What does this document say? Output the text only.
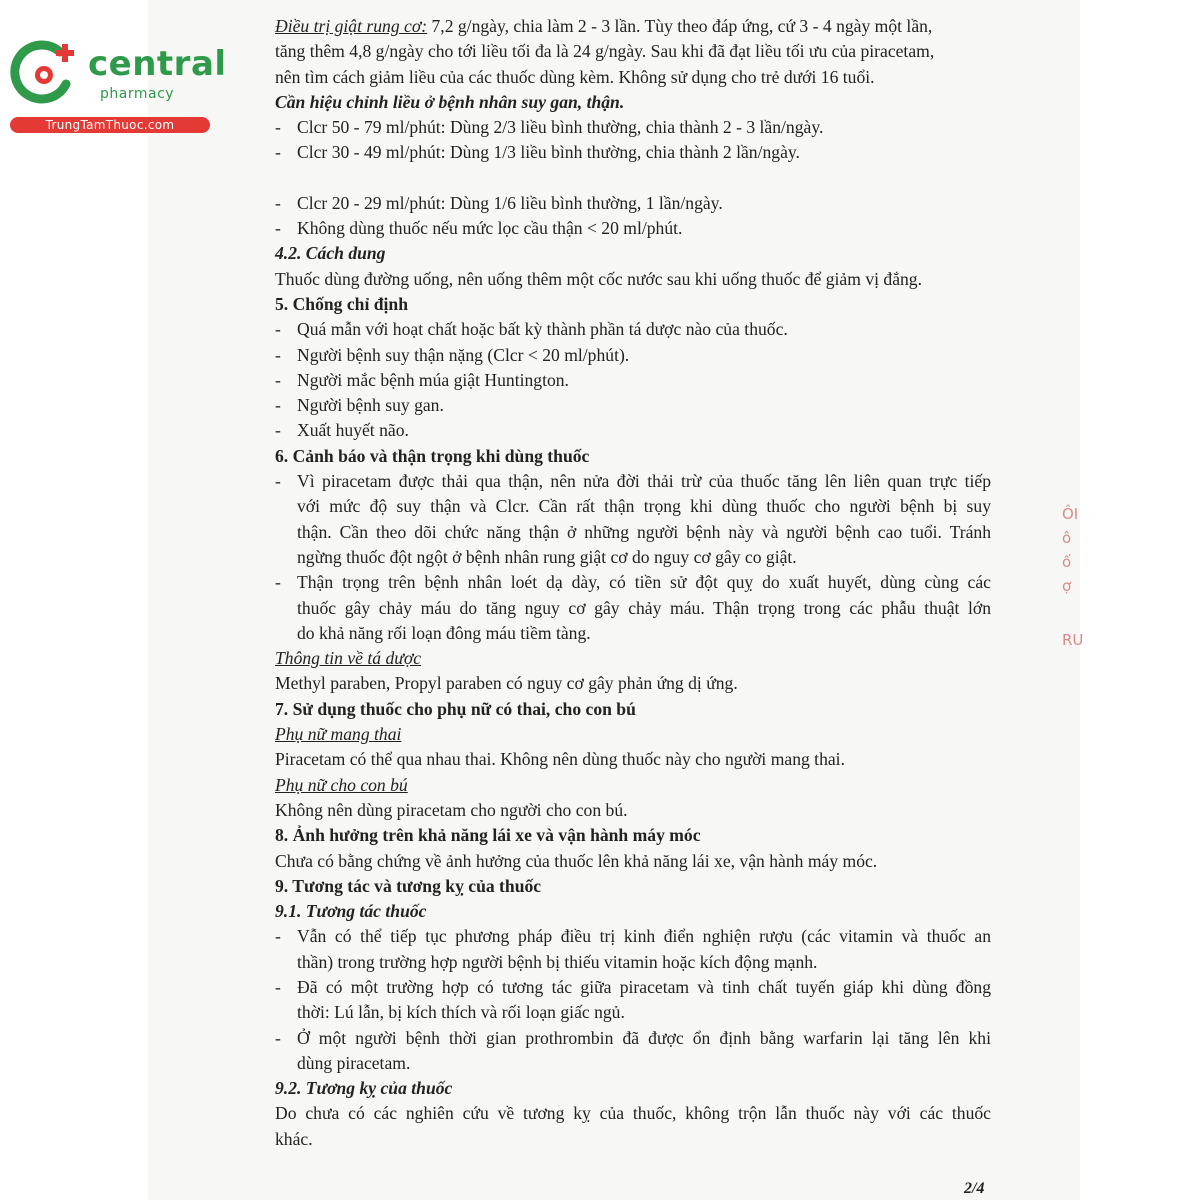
central
pharmacy
TrungTamThuoc.com
Điều trị giật rung cơ: 7,2 g/ngày, chia làm 2 - 3 lần. Tùy theo đáp ứng, cứ 3 - 4 ngày một lần,
tăng thêm 4,8 g/ngày cho tới liều tối đa là 24 g/ngày. Sau khi đã đạt liều tối ưu của piracetam,
nên tìm cách giảm liều của các thuốc dùng kèm. Không sử dụng cho trẻ dưới 16 tuổi.
Cần hiệu chỉnh liều ở bệnh nhân suy gan, thận.
- Clcr 50 - 79 ml/phút: Dùng 2/3 liều bình thường, chia thành 2 - 3 lần/ngày.
- Clcr 30 - 49 ml/phút: Dùng 1/3 liều bình thường, chia thành 2 lần/ngày.
- Clcr 20 - 29 ml/phút: Dùng 1/6 liều bình thường, 1 lần/ngày.
- Không dùng thuốc nếu mức lọc cầu thận < 20 ml/phút.
4.2. Cách dung
Thuốc dùng đường uống, nên uống thêm một cốc nước sau khi uống thuốc để giảm vị đắng.
5. Chống chỉ định
- Quá mẫn với hoạt chất hoặc bất kỳ thành phần tá dược nào của thuốc.
- Người bệnh suy thận nặng (Clcr < 20 ml/phút).
- Người mắc bệnh múa giật Huntington.
- Người bệnh suy gan.
- Xuất huyết não.
6. Cảnh báo và thận trọng khi dùng thuốc
- Vì piracetam được thải qua thận, nên nửa đời thải trừ của thuốc tăng lên liên quan trực tiếp
với mức độ suy thận và Clcr. Cần rất thận trọng khi dùng thuốc cho người bệnh bị suy
thận. Cần theo dõi chức năng thận ở những người bệnh này và người bệnh cao tuổi. Tránh
ngừng thuốc đột ngột ở bệnh nhân rung giật cơ do nguy cơ gây co giật.
- Thận trọng trên bệnh nhân loét dạ dày, có tiền sử đột quỵ do xuất huyết, dùng cùng các
thuốc gây chảy máu do tăng nguy cơ gây chảy máu. Thận trọng trong các phẫu thuật lớn
do khả năng rối loạn đông máu tiềm tàng.
Thông tin về tá dược
Methyl paraben, Propyl paraben có nguy cơ gây phản ứng dị ứng.
7. Sử dụng thuốc cho phụ nữ có thai, cho con bú
Phụ nữ mang thai
Piracetam có thể qua nhau thai. Không nên dùng thuốc này cho người mang thai.
Phụ nữ cho con bú
Không nên dùng piracetam cho người cho con bú.
8. Ảnh hưởng trên khả năng lái xe và vận hành máy móc
Chưa có bằng chứng về ảnh hưởng của thuốc lên khả năng lái xe, vận hành máy móc.
9. Tương tác và tương kỵ của thuốc
9.1. Tương tác thuốc
- Vẫn có thể tiếp tục phương pháp điều trị kinh điển nghiện rượu (các vitamin và thuốc an
thần) trong trường hợp người bệnh bị thiếu vitamin hoặc kích động mạnh.
- Đã có một trường hợp có tương tác giữa piracetam và tinh chất tuyến giáp khi dùng đồng
thời: Lú lẫn, bị kích thích và rối loạn giấc ngủ.
- Ở một người bệnh thời gian prothrombin đã được ổn định bằng warfarin lại tăng lên khi
dùng piracetam.
9.2. Tương kỵ của thuốc
Do chưa có các nghiên cứu về tương kỵ của thuốc, không trộn lẫn thuốc này với các thuốc
khác.
ÔI
ô
ố
ợ
RU
2/4
